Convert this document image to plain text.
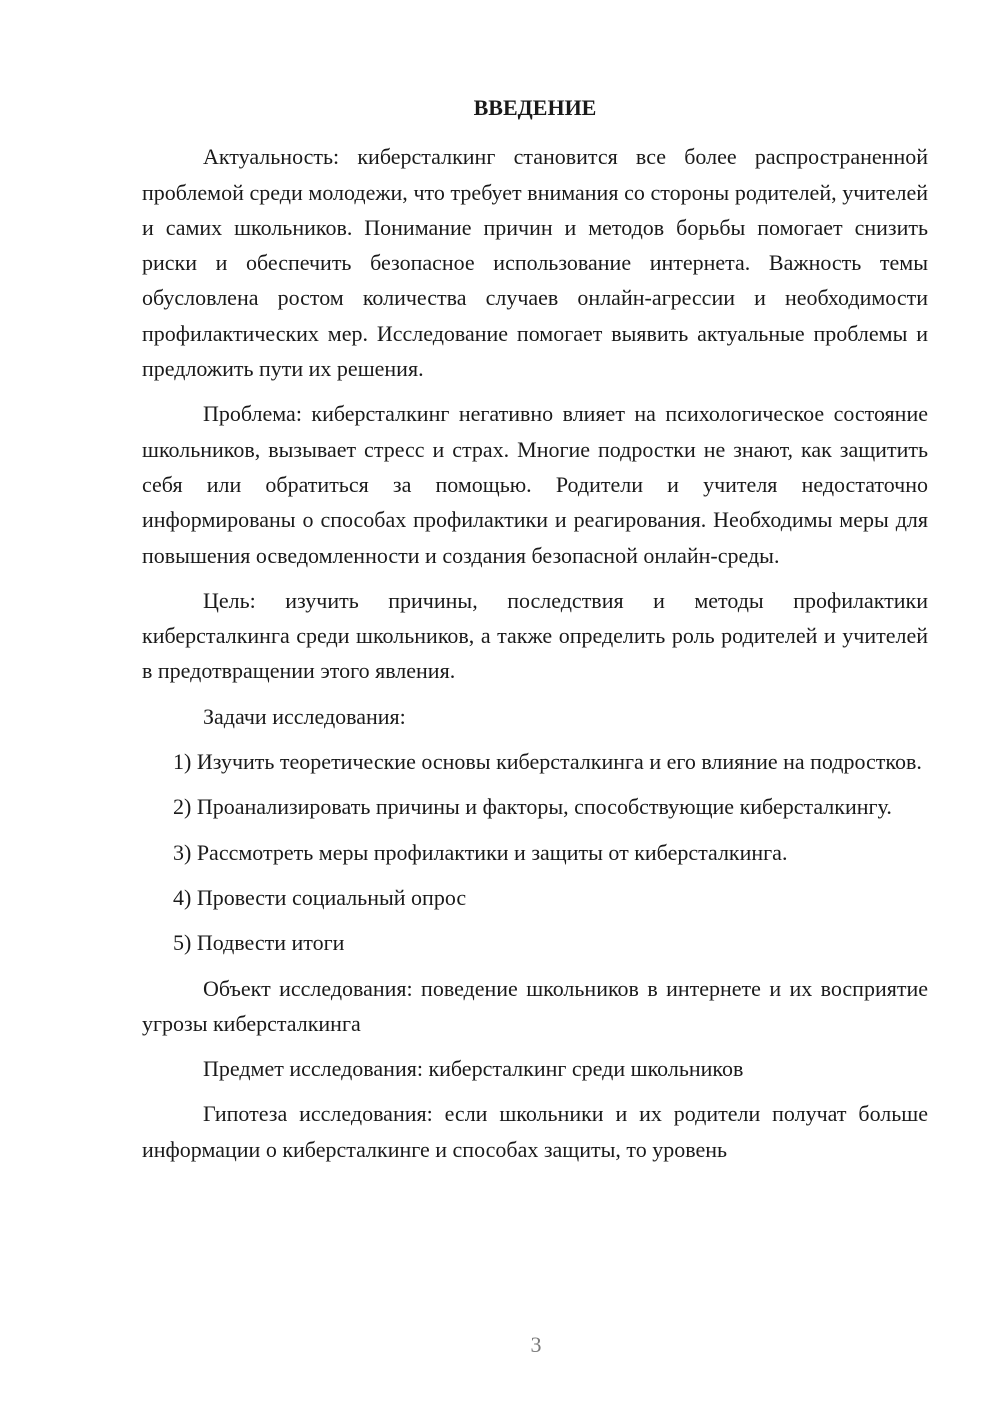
ВВЕДЕНИЕ

Актуальность: киберсталкинг становится все более распространенной проблемой среди молодежи, что требует внимания со стороны родителей, учителей и самих школьников. Понимание причин и методов борьбы помогает снизить риски и обеспечить безопасное использование интернета. Важность темы обусловлена ростом количества случаев онлайн-агрессии и необходимости профилактических мер. Исследование помогает выявить актуальные проблемы и предложить пути их решения.

Проблема: киберсталкинг негативно влияет на психологическое состояние школьников, вызывает стресс и страх. Многие подростки не знают, как защитить себя или обратиться за помощью. Родители и учителя недостаточно информированы о способах профилактики и реагирования. Необходимы меры для повышения осведомленности и создания безопасной онлайн-среды.

Цель: изучить причины, последствия и методы профилактики киберсталкинга среди школьников, а также определить роль родителей и учителей в предотвращении этого явления.

Задачи исследования:

1) Изучить теоретические основы киберсталкинга и его влияние на подростков.

2) Проанализировать причины и факторы, способствующие киберсталкингу.

3) Рассмотреть меры профилактики и защиты от киберсталкинга.

4) Провести социальный опрос

5) Подвести итоги

Объект исследования: поведение школьников в интернете и их восприятие угрозы киберсталкинга

Предмет исследования: киберсталкинг среди школьников

Гипотеза исследования: если школьники и их родители получат больше информации о киберсталкинге и способах защиты, то уровень

3
